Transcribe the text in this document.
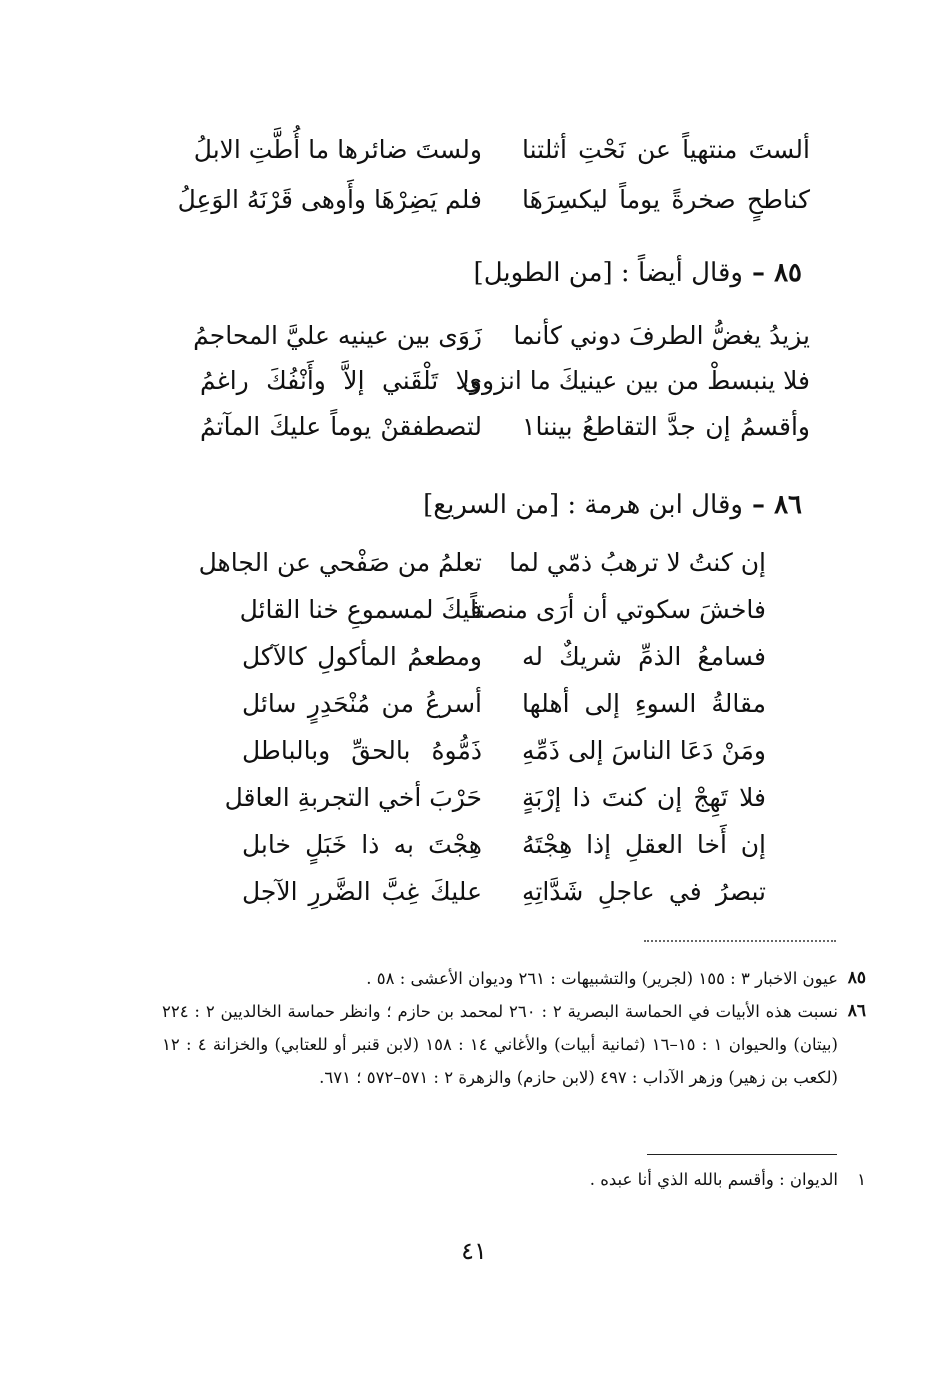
ألستَ منتهياً عن نَحْتِ أثلتنا
ولستَ ضائرها ما أُطَّتِ الابلُ
كناطحٍ صخرةً يوماً ليكسِرَهَا
فلم يَضِرْهَا وأَوهى قَرْنَهُ الوَعِلُ
٨٥ – وقال أيضاً : [من الطويل]
يزيدُ يغضُّ الطرفَ دوني كأنما
زَوَى بين عينيه عليَّ المحاجمُ
فلا ينبسطْ من بين عينيكَ ما انزوى
ولا تَلْقَني إلاَّ وأَنْفُكَ راغمُ
وأقسمُ إن جدَّ التقاطعُ بيننا١
لتصطفقنْ يوماً عليكَ المآتمُ
٨٦ – وقال ابن هرمة : [من السريع]
إن كنتُ لا ترهبُ ذمّي لما
تعلمُ من صَفْحي عن الجاهل
فاخشَ سكوتي أن أرَى منصتاً
فيكَ لمسموعِ خنا القائل
فسامعُ الذمِّ شريكٌ له
ومطعمُ المأكولِ كالآكل
مقالةُ السوءِ إلى أهلها
أسرعُ من مُنْحَدِرٍ سائل
ومَنْ دَعَا الناسَ إلى ذَمِّهِ
ذَمُّوهُ بالحقِّ وبالباطل
فلا تَهِجْ إن كنتَ ذا إرْبَةٍ
حَرْبَ أخي التجربةِ العاقل
إن أَخا العقلِ إذا هِجْتَهُ
هِجْتَ به ذا خَبَلٍ خابل
تبصرُ في عاجلِ شَدَّاتِهِ
عليكَ غِبَّ الضَّررِ الآجل
٨٥
عيون الاخبار ٣ : ١٥٥ (لجرير) والتشبيهات : ٢٦١ وديوان الأعشى : ٥٨ .
٨٦
نسبت هذه الأبيات في الحماسة البصرية ٢ : ٢٦٠ لمحمد بن حازم ؛ وانظر حماسة الخالديين ٢ : ٢٢٤ (بيتان) والحيوان ١ : ١٥–١٦ (ثمانية أبيات) والأغاني ١٤ : ١٥٨ (لابن قنبر أو للعتابي) والخزانة ٤ : ١٢ (لكعب بن زهير) وزهر الآداب : ٤٩٧ (لابن حازم) والزهرة ٢ : ٥٧١–٥٧٢ ؛ ٦٧١.
١
الديوان : وأقسم بالله الذي أنا عبده .
٤١
